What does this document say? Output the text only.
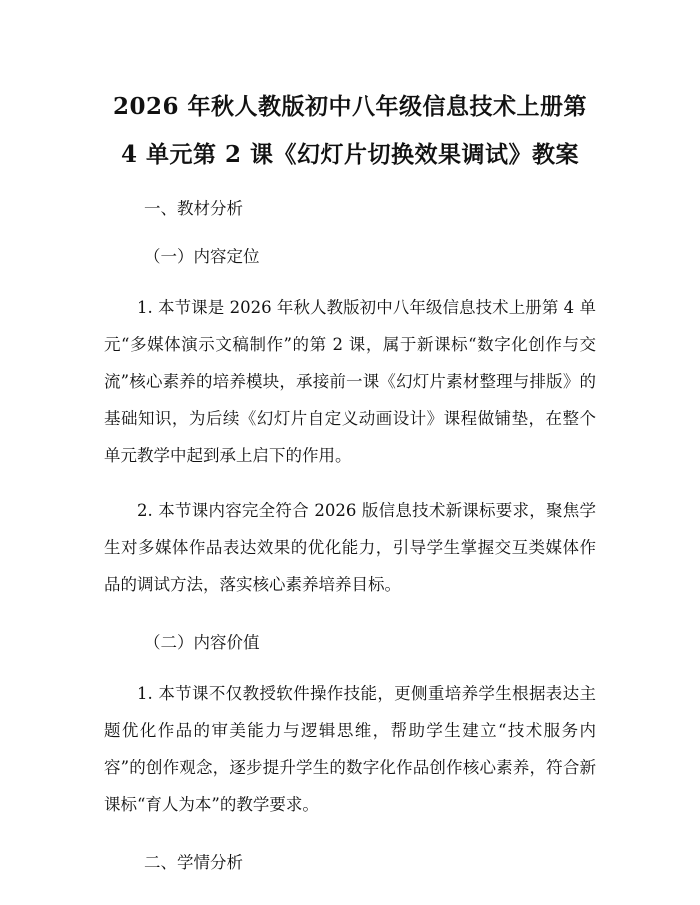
2026 年秋人教版初中八年级信息技术上册第
4 单元第 2 课《幻灯片切换效果调试》教案

一、教材分析

（一）内容定位

1. 本节课是 2026 年秋人教版初中八年级信息技术上册第 4 单元“多媒体演示文稿制作”的第 2 课，属于新课标“数字化创作与交流”核心素养的培养模块，承接前一课《幻灯片素材整理与排版》的基础知识，为后续《幻灯片自定义动画设计》课程做铺垫，在整个单元教学中起到承上启下的作用。

2. 本节课内容完全符合 2026 版信息技术新课标要求，聚焦学生对多媒体作品表达效果的优化能力，引导学生掌握交互类媒体作品的调试方法，落实核心素养培养目标。

（二）内容价值

1. 本节课不仅教授软件操作技能，更侧重培养学生根据表达主题优化作品的审美能力与逻辑思维，帮助学生建立“技术服务内容”的创作观念，逐步提升学生的数字化作品创作核心素养，符合新课标“育人为本”的教学要求。

二、学情分析
